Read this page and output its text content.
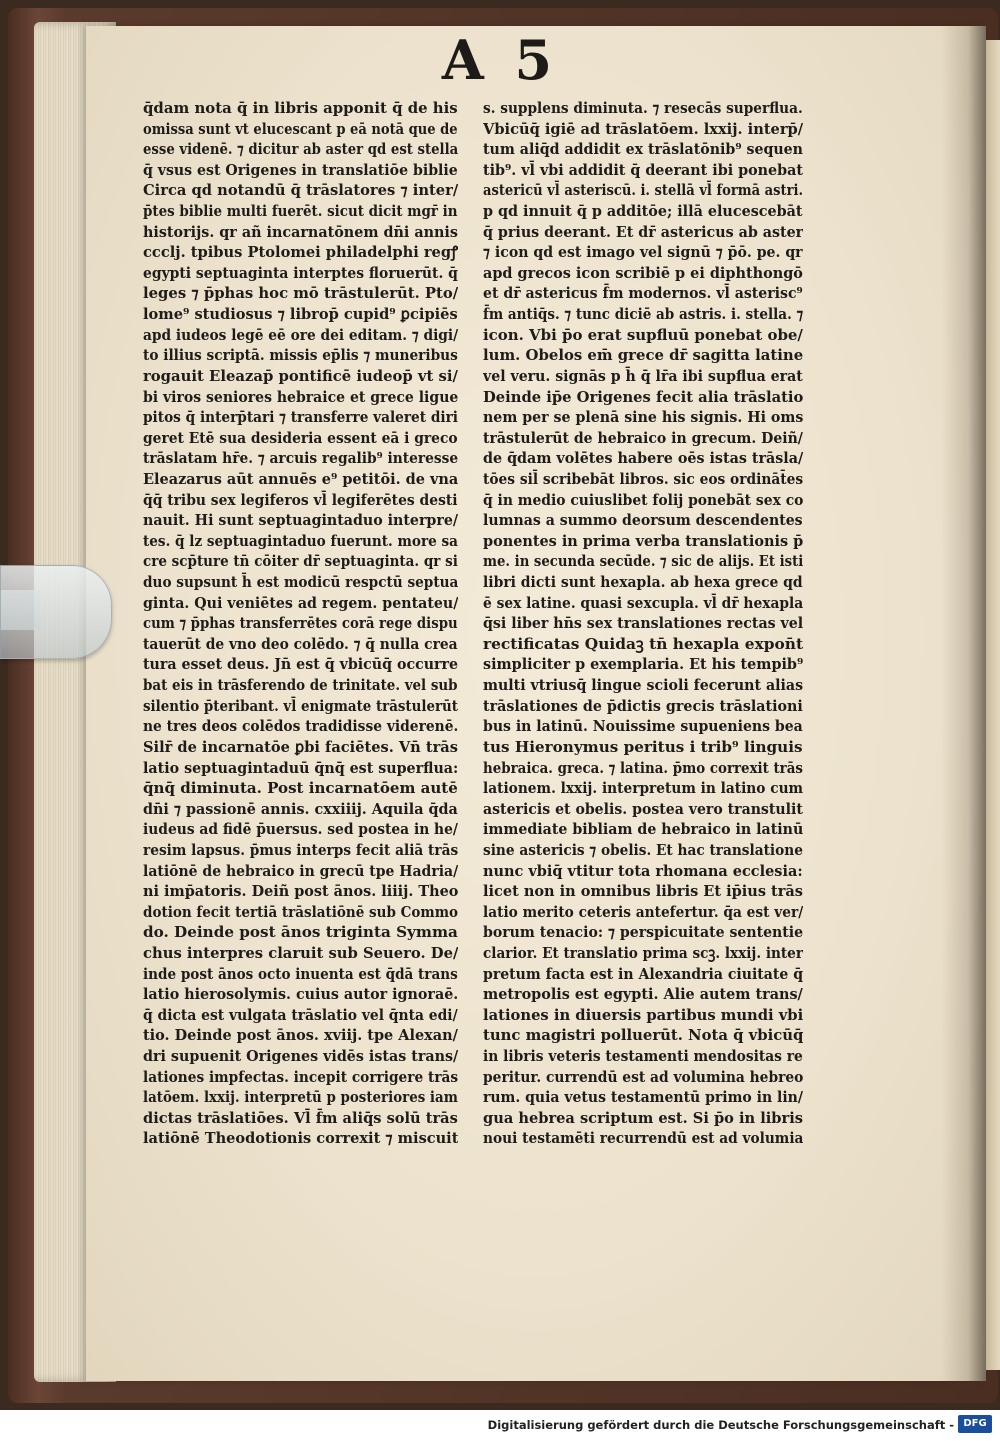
A 5
q̄dam nota q̄ in libris apponit q̄ de his
omissa sunt vt elucescant p eā notā que de
esse videnē. ⁊ dicitur ab aster qd est stella
q̄ vsus est Origenes in translatiōe biblie
Circa qd notandū q̄ trāslatores ⁊ inter/
p̄tes biblie multi fuerēt. sicut dicit mgr̄ in
historijs. qr añ incarnatōnem dn̄i annis
ccclj. tpibus Ptolomei philadelphi regꝭ
egypti septuaginta interptes floruerūt. q̄
leges ⁊ p̄phas hoc mō trāstulerūt. Pto/
lome⁹ studiosus ⁊ librop̄ cupid⁹ ꝑcipiēs
apd iudeos legē eē ore dei editam. ⁊ digi/
to illius scriptā. missis ep̄lis ⁊ muneribus
rogauit Eleazap̄ pontificē iudeop̄ vt si/
bi viros seniores hebraice et grece ligue
pitos q̄ interp̄tari ⁊ transferre valeret diri
geret Etē sua desideria essent eā i greco
trāslatam hr̄e. ⁊ arcuis regalib⁹ interesse
Eleazarus aūt annuēs e⁹ petitōi. de vna
q̄q̄ tribu sex legiferos vl̄ legiferētes desti
nauit. Hi sunt septuagintaduo interpre/
tes. q̄ lz septuagintaduo fuerunt. more sa
cre scp̄ture tn̄ cōiter dr̄ septuaginta. qr si
duo supsunt h̄ est modicū respctū septua
ginta. Qui veniētes ad regem. pentateu/
cum ⁊ p̄phas transferrētes corā rege dispu
tauerūt de vno deo colēdo. ⁊ q̄ nulla crea
tura esset deus. Jn̄ est q̄ vbicūq̄ occurre
bat eis in trāsferendo de trinitate. vel sub
silentio p̄teribant. vl̄ enigmate trāstulerūt
ne tres deos colēdos tradidisse viderenē.
Silr̄ de incarnatōe ꝑbi faciētes. Vn̄ trās
latio septuagintaduū q̄nq̄ est superflua:
q̄nq̄ diminuta. Post incarnatōem autē
dn̄i ⁊ passionē annis. cxxiiij. Aquila q̄da
iudeus ad fidē p̄uersus. sed postea in he/
resim lapsus. p̄mus interps fecit aliā trās
latiōnē de hebraico in grecū tpe Hadria/
ni imp̄atoris. Deiñ post ānos. liiij. Theo
dotion fecit tertiā trāslatiōnē sub Commo
do. Deinde post ānos triginta Symma
chus interpres claruit sub Seuero. De/
inde post ānos octo inuenta est q̄dā trans
latio hierosolymis. cuius autor ignoraē.
q̄ dicta est vulgata trāslatio vel q̄nta edi/
tio. Deinde post ānos. xviij. tpe Alexan/
dri supuenit Origenes vidēs istas trans/
lationes impfectas. incepit corrigere trās
latōem. lxxij. interpretū p posteriores iam
dictas trāslatiōes. Vl̄ f̄m aliq̄s solū trās
latiōnē Theodotionis correxit ⁊ miscuit
s. supplens diminuta. ⁊ resecās superflua.
Vbicūq̄ igiē ad trāslatōem. lxxij. interp̄/
tum aliq̄d addidit ex trāslatōnib⁹ sequen
tib⁹. vl̄ vbi addidit q̄ deerant ibi ponebat
astericū vl̄ asteriscū. i. stellā vl̄ formā astri.
p qd innuit q̄ p additōe; illā elucescebāt
q̄ prius deerant. Et dr̄ astericus ab aster
⁊ icon qd est imago vel signū ⁊ p̄ō. pe. qr
apd grecos icon scribiē p ei diphthongō
et dr̄ astericus f̄m modernos. vl̄ asterisc⁹
f̄m antiq̄s. ⁊ tunc diciē ab astris. i. stella. ⁊
icon. Vbi p̄o erat supfluū ponebat obe/
lum. Obelos em̄ grece dr̄ sagitta latine
vel veru. signās p h̄ q̄ lr̄a ibi supflua erat
Deinde ip̄e Origenes fecit alia trāslatio
nem per se plenā sine his signis. Hi oms
trāstulerūt de hebraico in grecum. Deiñ/
de q̄dam volētes habere oēs istas trāsla/
tōes sil̄ scribebāt libros. sic eos ordināt̄es
q̄ in medio cuiuslibet folij ponebāt sex co
lumnas a summo deorsum descendentes
ponentes in prima verba translationis p̄
me. in secunda secūde. ⁊ sic de alijs. Et isti
libri dicti sunt hexapla. ab hexa grece qd
ē sex latine. quasi sexcupla. vl̄ dr̄ hexapla
q̄si liber hn̄s sex translationes rectas vel
rectificatas Quidaꝫ tn̄ hexapla expon̄t
simpliciter p exemplaria. Et his tempib⁹
multi vtriusq̄ lingue scioli fecerunt alias
trāslationes de p̄dictis grecis trāslationi
bus in latinū. Nouissime supueniens bea
tus Hieronymus peritus i trib⁹ linguis
hebraica. greca. ⁊ latina. p̄mo correxit trās
lationem. lxxij. interpretum in latino cum
astericis et obelis. postea vero transtulit
immediate bibliam de hebraico in latinū
sine astericis ⁊ obelis. Et hac translatione
nunc vbiq̄ vtitur tota rhomana ecclesia:
licet non in omnibus libris Et ip̄ius trās
latio merito ceteris antefertur. q̄a est ver/
borum tenacio: ⁊ perspicuitate sententie
clarior. Et translatio prima scꝫ. lxxij. inter
pretum facta est in Alexandria ciuitate q̄
metropolis est egypti. Alie autem trans/
lationes in diuersis partibus mundi vbi
tunc magistri polluerūt. Nota q̄ vbicūq̄
in libris veteris testamenti mendositas re
peritur. currendū est ad volumina hebreo
rum. quia vetus testamentū primo in lin/
gua hebrea scriptum est. Si p̄o in libris
noui testamēti recurrendū est ad volumia
Digitalisierung gefördert durch die Deutsche Forschungsgemeinschaft - DFG
